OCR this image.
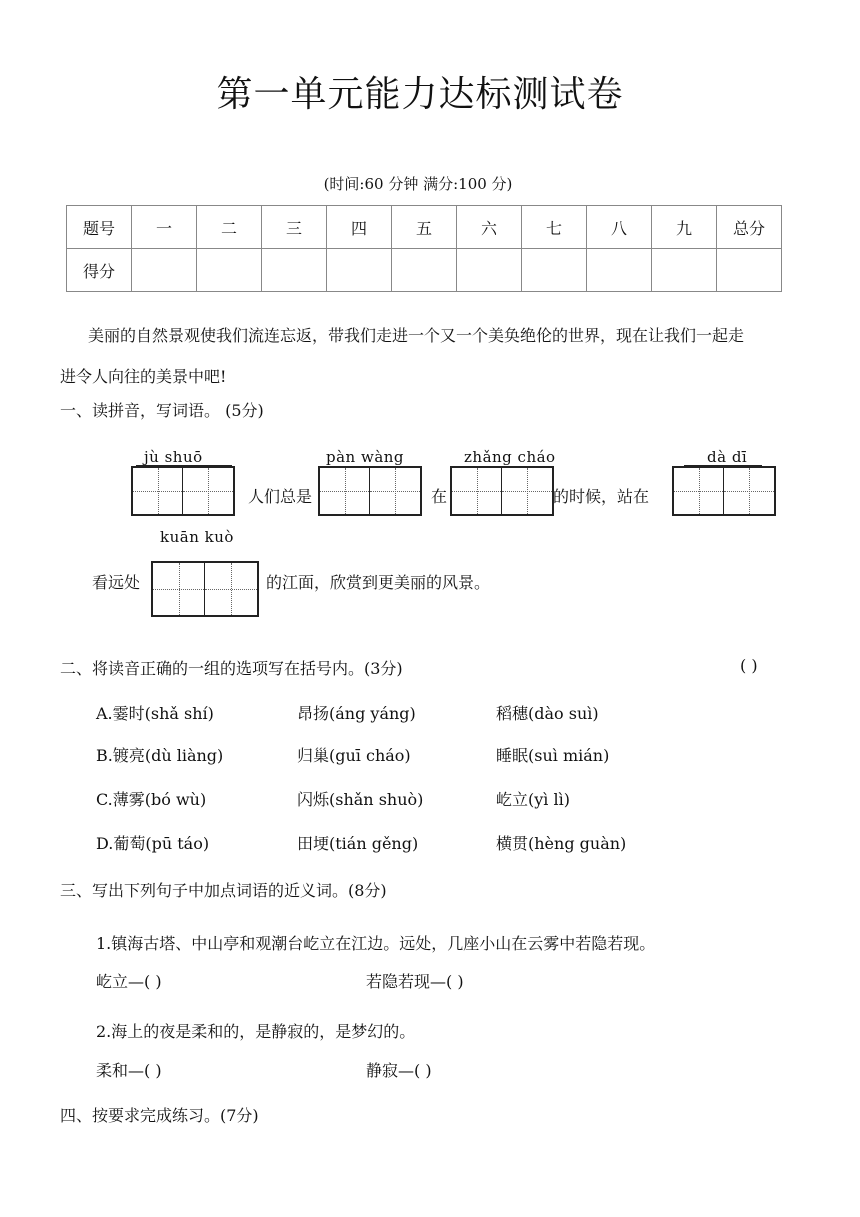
第一单元能力达标测试卷
(时间:60 分钟 满分:100 分)
题号	一	二	三	四	五	六	七	八	九	总分
得分										
美丽的自然景观使我们流连忘返，带我们走进一个又一个美奂绝伦的世界，现在让我们一起走
进令人向往的美景中吧!
一、读拼音，写词语。 (5分)
jù shuō
人们总是
pàn wàng
在
zhǎng cháo
的时候，站在
dà dī
kuān kuò
看远处	的江面，欣赏到更美丽的风景。
二、将读音正确的一组的选项写在括号内。(3分)	( )
A.霎时(shǎ shí)	昂扬(áng yáng)	稻穗(dào suì)
B.镀亮(dù liàng)	归巢(guī cháo)	睡眠(suì mián)
C.薄雾(bó wù)	闪烁(shǎn shuò)	屹立(yì lì)
D.葡萄(pū táo)	田埂(tián gěng)	横贯(hèng guàn)
三、写出下列句子中加点词语的近义词。(8分)
1.镇海古塔、中山亭和观潮台屹立在江边。远处，几座小山在云雾中若隐若现。
屹立—( )	若隐若现—( )
2.海上的夜是柔和的，是静寂的，是梦幻的。
柔和—( )	静寂—( )
四、按要求完成练习。(7分)
